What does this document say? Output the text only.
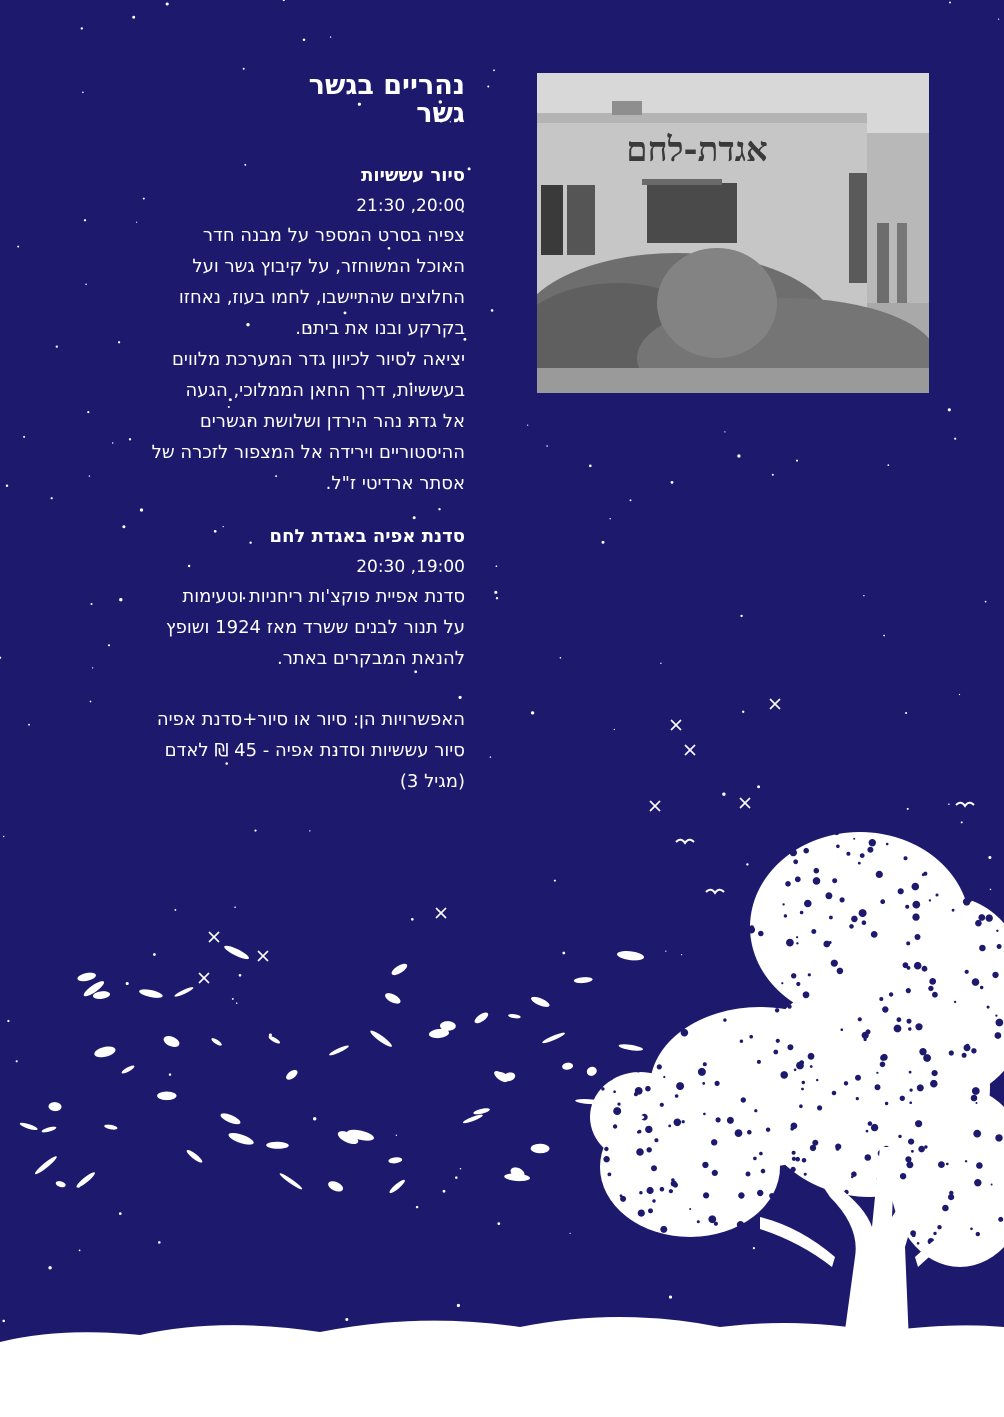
אגדת-לחם
נהריים בגשר
גשר
סיור עששיות
20:00, 21:30

צפיה בסרט המספר על מבנה חדר

האוכל המשוחזר, על קיבוץ גשר ועל

החלוצים שהתיישבו, לחמו בעוז, נאחזו

בקרקע ובנו את ביתם.

יציאה לסיור לכיוון גדר המערכת מלווים

בעששיות, דרך החאן הממלוכי, הגעה

אל גדת נהר הירדן ושלושת הגשרים

ההיסטוריים וירידה אל המצפור לזכרה של

אסתר ארדיטי ז"ל.

סדנת אפיה באגדת לחם
19:00, 20:30

סדנת אפיית פוקצ'ות ריחניות וטעימות

על תנור לבנים ששרד מאז 1924 ושופץ

להנאת המבקרים באתר.

האפשרויות הן: סיור או סיור+סדנת אפיה

סיור עששיות וסדנת אפיה - 45 ₪ לאדם

(מגיל 3)
